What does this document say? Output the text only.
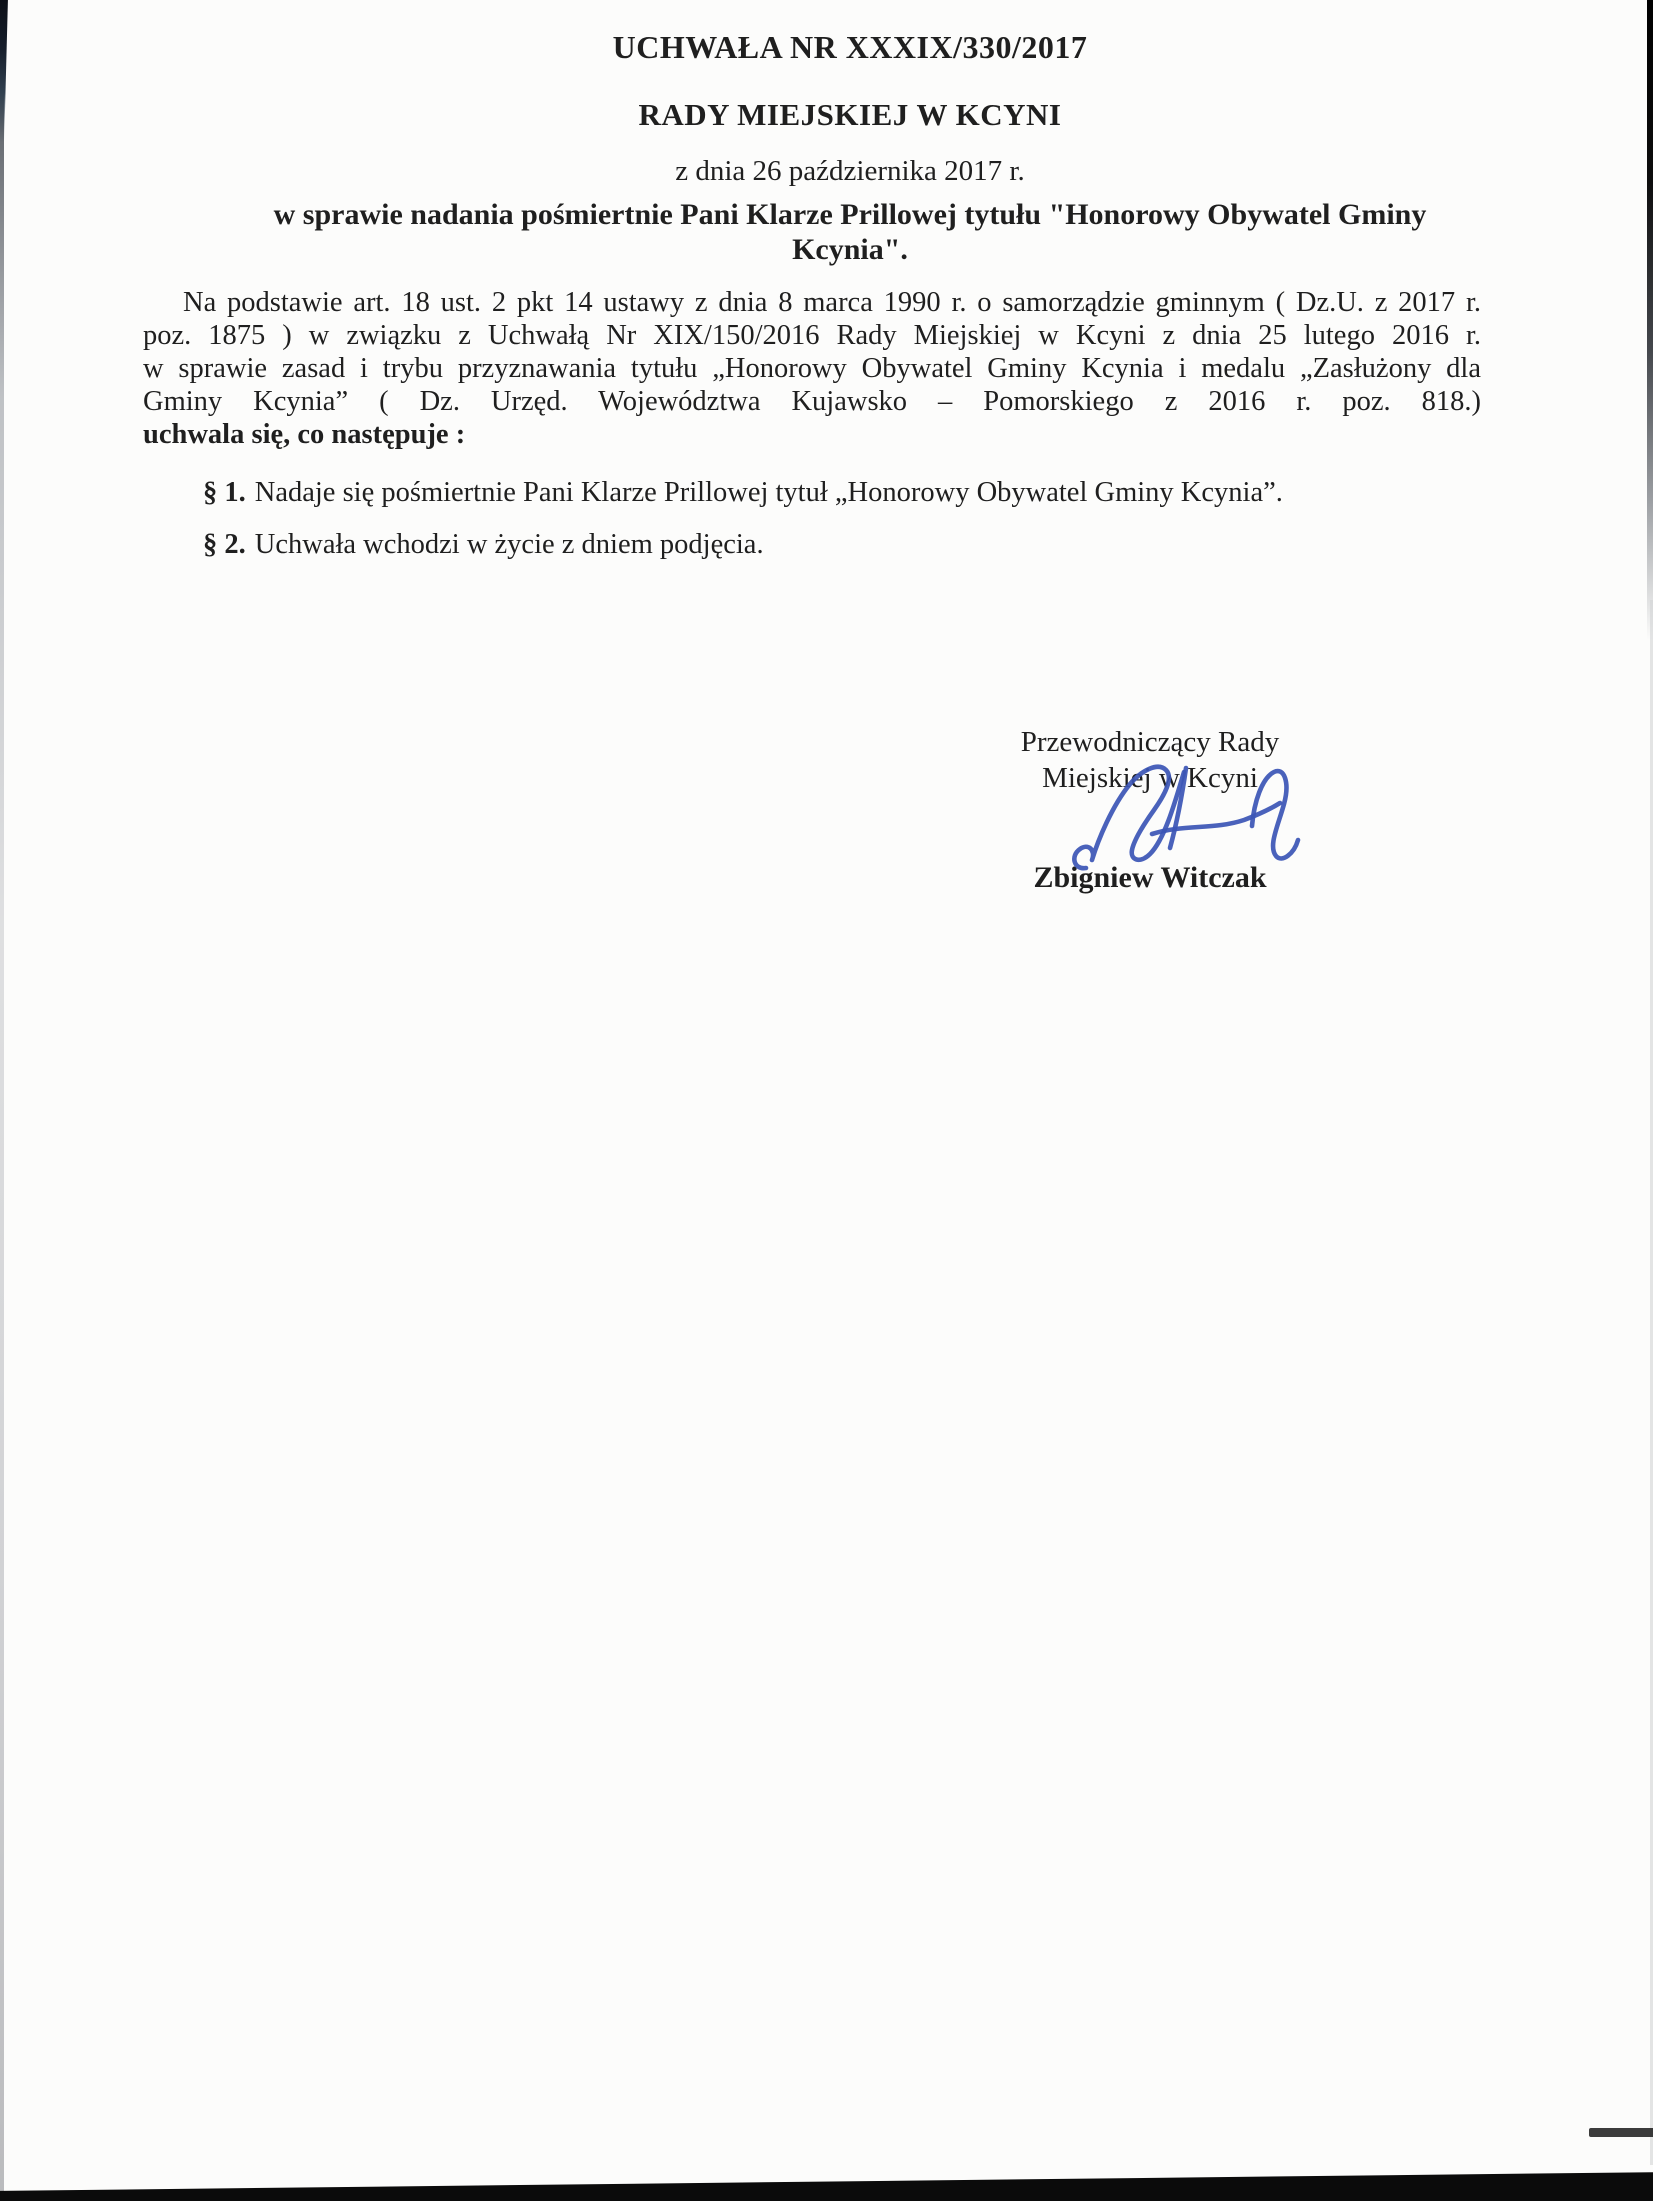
UCHWAŁA NR XXXIX/330/2017
RADY MIEJSKIEJ W KCYNI
z dnia 26 października 2017 r.
w sprawie nadania pośmiertnie Pani Klarze Prillowej tytułu "Honorowy Obywatel Gminy
Kcynia".
Na podstawie art. 18 ust. 2 pkt 14 ustawy z dnia 8 marca 1990 r. o samorządzie gminnym ( Dz.U. z 2017 r.
poz. 1875 ) w związku z Uchwałą Nr XIX/150/2016 Rady Miejskiej w Kcyni z dnia 25 lutego 2016 r.
w sprawie zasad i trybu przyznawania tytułu „Honorowy Obywatel Gminy Kcynia i medalu „Zasłużony dla
Gminy Kcynia” ( Dz. Urzęd. Województwa Kujawsko – Pomorskiego z 2016 r. poz. 818.)
uchwala się, co następuje :
§ 1. Nadaje się pośmiertnie Pani Klarze Prillowej tytuł „Honorowy Obywatel Gminy Kcynia”.
§ 2. Uchwała wchodzi w życie z dniem podjęcia.
Przewodniczący Rady
Miejskiej w Kcyni
Zbigniew Witczak
